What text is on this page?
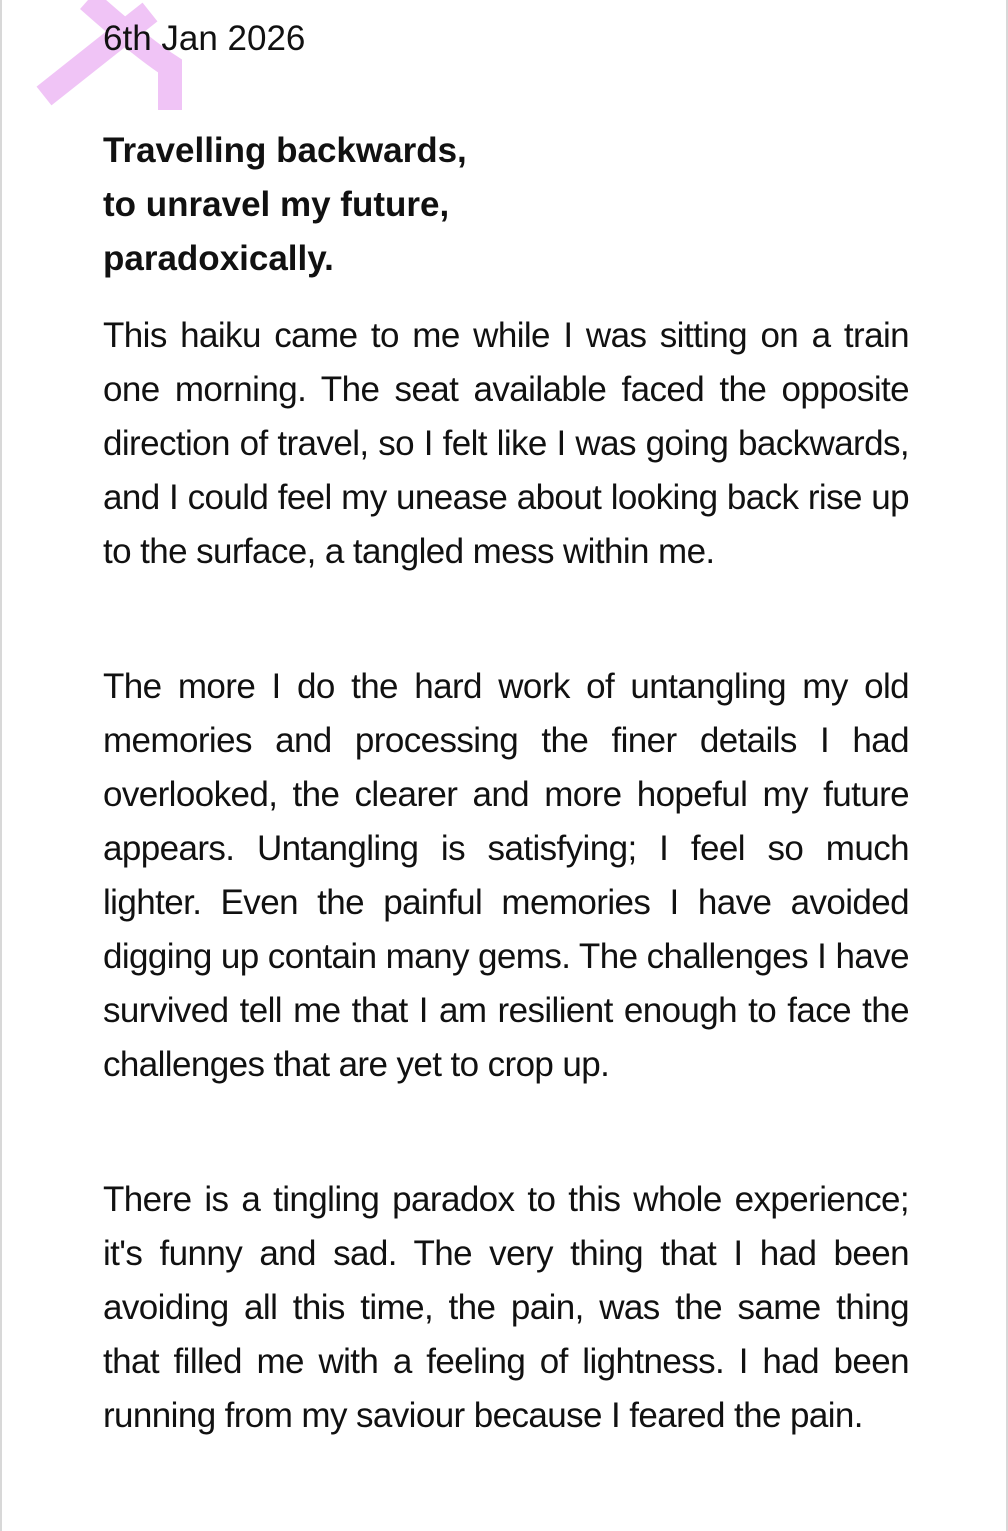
6th Jan 2026
Travelling backwards,
to unravel my future,
paradoxically.

This haiku came to me while I was sitting on a train one morning. The seat available faced the opposite direction of travel, so I felt like I was going backwards, and I could feel my unease about looking back rise up to the surface, a tangled mess within me.

The more I do the hard work of untangling my old memories and processing the finer details I had overlooked, the clearer and more hopeful my future appears. Untangling is satisfying; I feel so much lighter. Even the painful memories I have avoided digging up contain many gems. The challenges I have survived tell me that I am resilient enough to face the challenges that are yet to crop up.

There is a tingling paradox to this whole experience; it's funny and sad. The very thing that I had been avoiding all this time, the pain, was the same thing that filled me with a feeling of lightness. I had been running from my saviour because I feared the pain.
